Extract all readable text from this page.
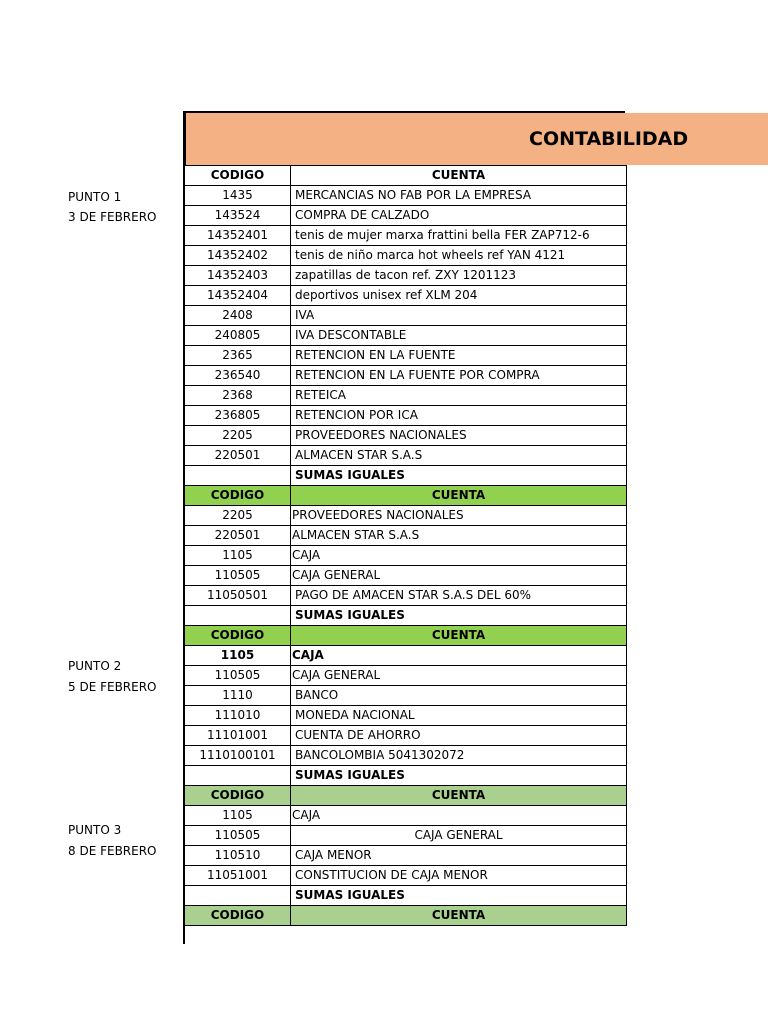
CONTABILIDAD
PUNTO 1
3 DE FEBRERO
PUNTO 2
5 DE FEBRERO
PUNTO 3
8 DE FEBRERO
CODIGO	CUENTA
1435	MERCANCIAS NO FAB POR LA EMPRESA
143524	COMPRA DE CALZADO
14352401	tenis de mujer marxa frattini bella FER ZAP712-6
14352402	tenis de niño marca hot wheels ref YAN 4121
14352403	zapatillas de tacon ref. ZXY 1201123
14352404	deportivos unisex ref XLM 204
2408	IVA
240805	IVA DESCONTABLE
2365	RETENCION EN LA FUENTE
236540	RETENCION EN LA FUENTE POR COMPRA
2368	RETEICA
236805	RETENCION POR ICA
2205	PROVEEDORES NACIONALES
220501	ALMACEN STAR S.A.S
	SUMAS IGUALES
CODIGO	CUENTA
2205	PROVEEDORES NACIONALES
220501	ALMACEN STAR S.A.S
1105	CAJA
110505	CAJA GENERAL
11050501	PAGO DE AMACEN STAR S.A.S DEL 60%
	SUMAS IGUALES
CODIGO	CUENTA
1105	CAJA
110505	CAJA GENERAL
1110	BANCO
111010	MONEDA NACIONAL
11101001	CUENTA DE AHORRO
1110100101	BANCOLOMBIA 5041302072
	SUMAS IGUALES
CODIGO	CUENTA
1105	CAJA
110505	CAJA GENERAL
110510	CAJA MENOR
11051001	CONSTITUCION DE CAJA MENOR
	SUMAS IGUALES
CODIGO	CUENTA
